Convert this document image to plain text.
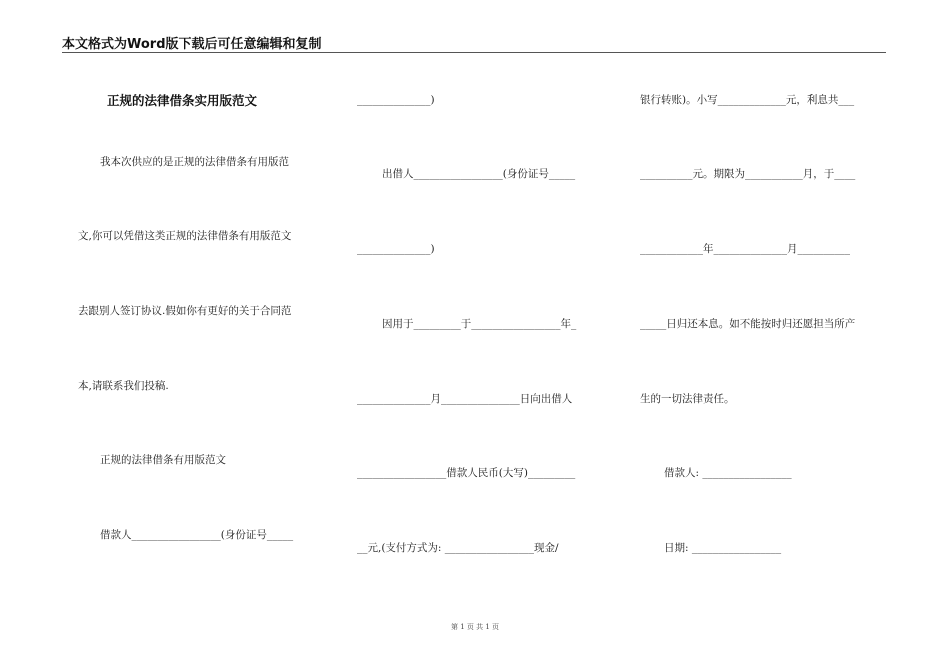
本文格式为Word版下载后可任意编辑和复制
正规的法律借条实用版范文
我本次供应的是正规的法律借条有用版范
文,你可以凭借这类正规的法律借条有用版范文
去跟别人签订协议.假如你有更好的关于合同范
本,请联系我们投稿.
正规的法律借条有用版范文
借款人_________________(身份证号_____
______________)
出借人_________________(身份证号_____
______________)
因用于_________于_________________年_
______________月_______________日向出借人
_________________借款人民币(大写)_________
__元,(支付方式为: _________________现金/
银行转账)。小写_____________元，利息共___
__________元。期限为___________月，于____
____________年______________月__________
_____日归还本息。如不能按时归还愿担当所产
生的一切法律责任。
借款人: _________________
日期: _________________
第 1 页 共 1 页
